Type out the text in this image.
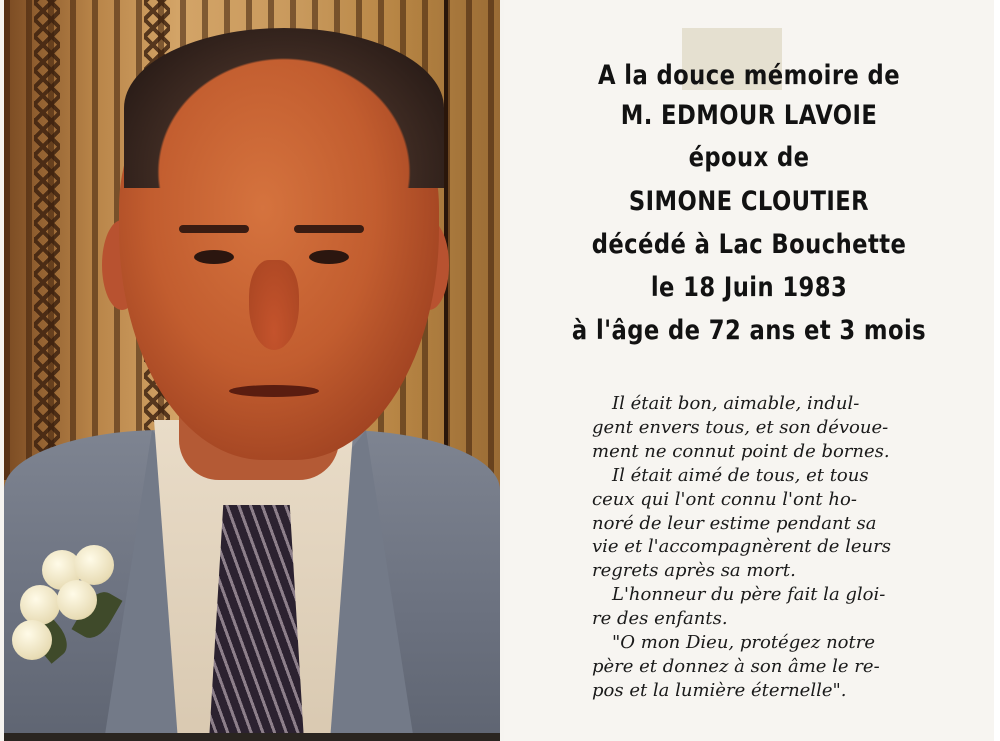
A la douce mémoire de
M. EDMOUR LAVOIE
époux de
SIMONE CLOUTIER
décédé à Lac Bouchette
le 18 Juin 1983
à l'âge de 72 ans et 3 mois

Il était bon, aimable, indul-
gent envers tous, et son dévoue-
ment ne connut point de bornes.

Il était aimé de tous, et tous
ceux qui l'ont connu l'ont ho-
noré de leur estime pendant sa
vie et l'accompagnèrent de leurs
regrets après sa mort.

L'honneur du père fait la gloi-
re des enfants.

"O mon Dieu, protégez notre
père et donnez à son âme le re-
pos et la lumière éternelle".
